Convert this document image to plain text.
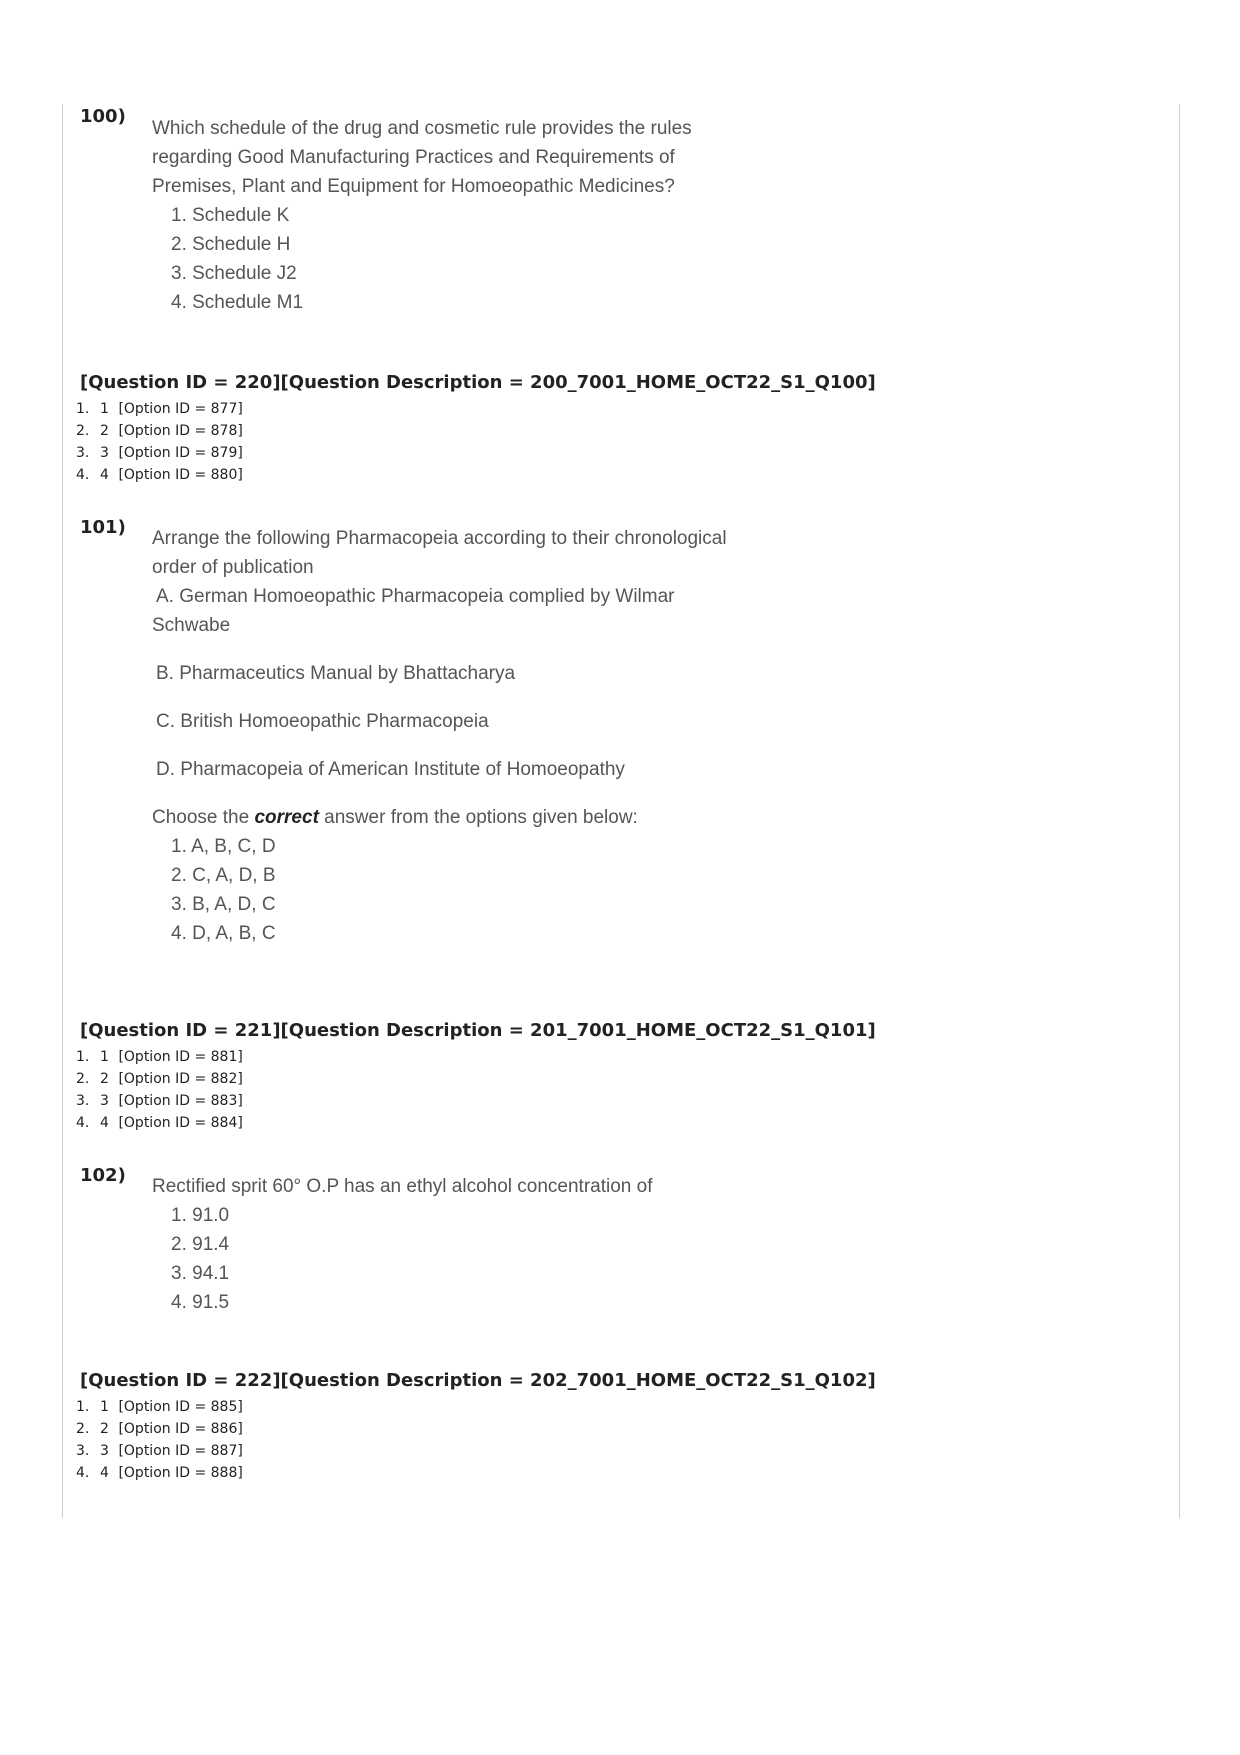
100)

Which schedule of the drug and cosmetic rule provides the rules

regarding Good Manufacturing Practices and Requirements of

Premises, Plant and Equipment for Homoeopathic Medicines?

1. Schedule K
2. Schedule H
3. Schedule J2
4. Schedule M1
[Question ID = 220][Question Description = 200_7001_HOME_OCT22_S1_Q100]
1. 1 [Option ID = 877]
2. 2 [Option ID = 878]
3. 3 [Option ID = 879]
4. 4 [Option ID = 880]
101)

Arrange the following Pharmacopeia according to their chronological

order of publication

A. German Homoeopathic Pharmacopeia complied by Wilmar

Schwabe

B. Pharmaceutics Manual by Bhattacharya

C. British Homoeopathic Pharmacopeia

D. Pharmacopeia of American Institute of Homoeopathy

Choose the correct answer from the options given below:

1. A, B, C, D
2. C, A, D, B
3. B, A, D, C
4. D, A, B, C
[Question ID = 221][Question Description = 201_7001_HOME_OCT22_S1_Q101]
1. 1 [Option ID = 881]
2. 2 [Option ID = 882]
3. 3 [Option ID = 883]
4. 4 [Option ID = 884]
102)

Rectified sprit 60° O.P has an ethyl alcohol concentration of

1. 91.0
2. 91.4
3. 94.1
4. 91.5
[Question ID = 222][Question Description = 202_7001_HOME_OCT22_S1_Q102]
1. 1 [Option ID = 885]
2. 2 [Option ID = 886]
3. 3 [Option ID = 887]
4. 4 [Option ID = 888]
